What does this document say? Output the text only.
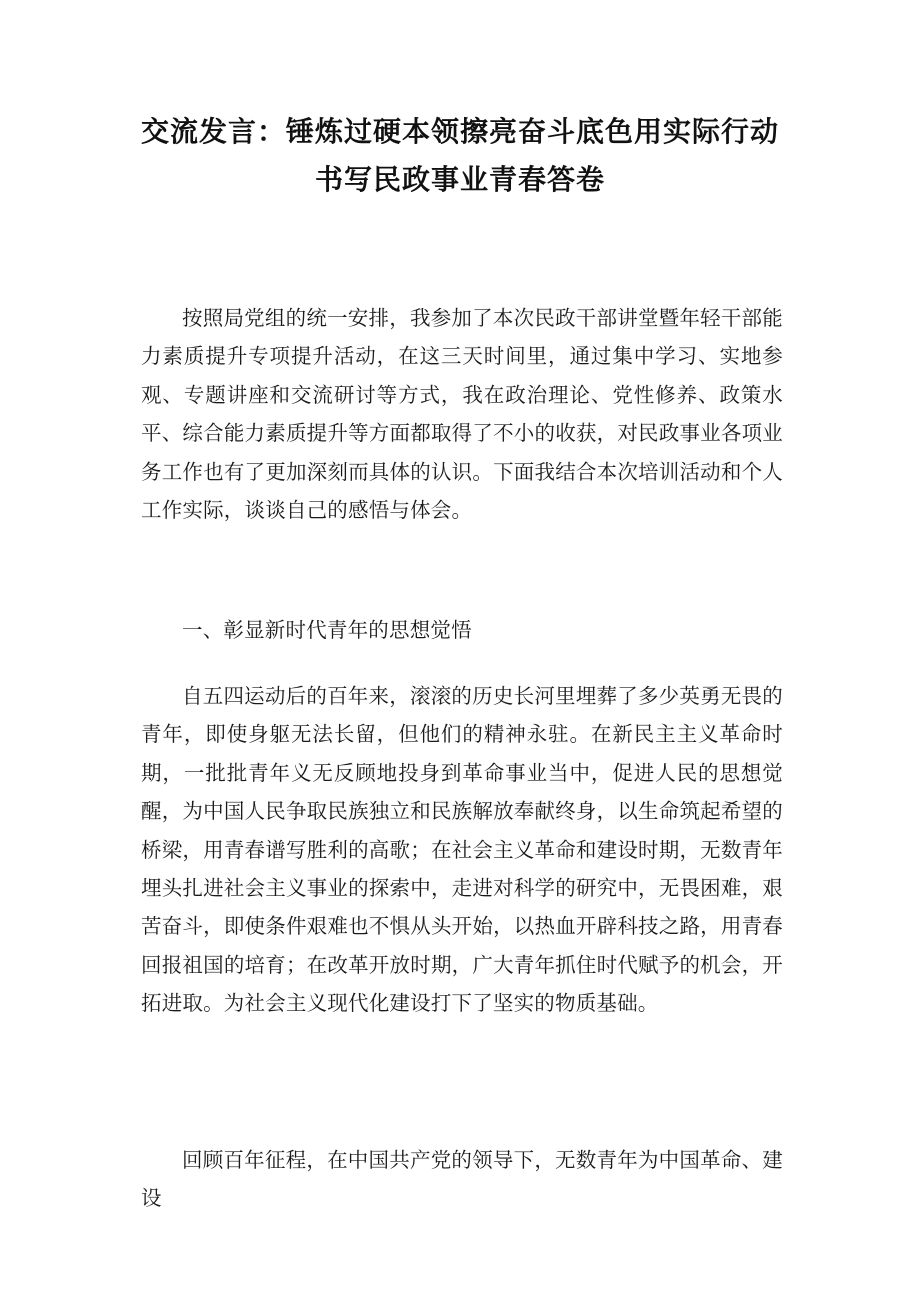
交流发言：锤炼过硬本领擦亮奋斗底色用实际行动
书写民政事业青春答卷

按照局党组的统一安排，我参加了本次民政干部讲堂暨年轻干部能力素质提升专项提升活动，在这三天时间里，通过集中学习、实地参观、专题讲座和交流研讨等方式，我在政治理论、党性修养、政策水平、综合能力素质提升等方面都取得了不小的收获，对民政事业各项业务工作也有了更加深刻而具体的认识。下面我结合本次培训活动和个人工作实际，谈谈自己的感悟与体会。

一、彰显新时代青年的思想觉悟

自五四运动后的百年来，滚滚的历史长河里埋葬了多少英勇无畏的青年，即使身躯无法长留，但他们的精神永驻。在新民主主义革命时期，一批批青年义无反顾地投身到革命事业当中，促进人民的思想觉醒，为中国人民争取民族独立和民族解放奉献终身，以生命筑起希望的桥梁，用青春谱写胜利的高歌；在社会主义革命和建设时期，无数青年埋头扎进社会主义事业的探索中，走进对科学的研究中，无畏困难，艰苦奋斗，即使条件艰难也不惧从头开始，以热血开辟科技之路，用青春回报祖国的培育；在改革开放时期，广大青年抓住时代赋予的机会，开拓进取。为社会主义现代化建设打下了坚实的物质基础。

回顾百年征程，在中国共产党的领导下，无数青年为中国革命、建设
